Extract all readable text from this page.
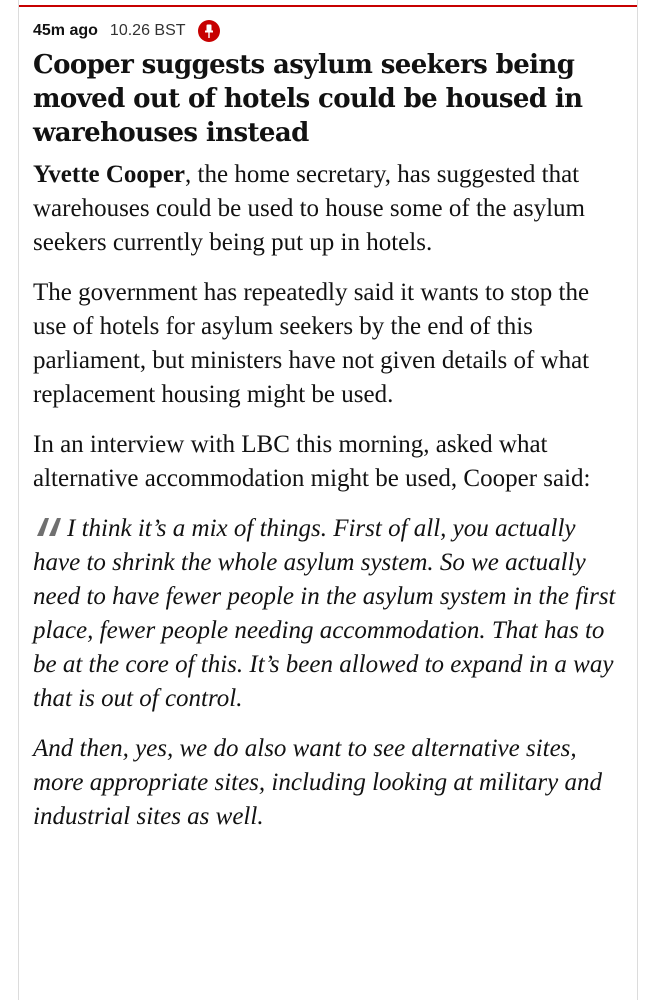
45m ago 10.26 BST
Cooper suggests asylum seekers being moved out of hotels could be housed in warehouses instead

Yvette Cooper, the home secretary, has suggested that warehouses could be used to house some of the asylum seekers currently being put up in hotels.

The government has repeatedly said it wants to stop the use of hotels for asylum seekers by the end of this parliament, but ministers have not given details of what replacement housing might be used.

In an interview with LBC this morning, asked what alternative accommodation might be used, Cooper said:

I think it’s a mix of things. First of all, you actually have to shrink the whole asylum system. So we actually need to have fewer people in the asylum system in the first place, fewer people needing accommodation. That has to be at the core of this. It’s been allowed to expand in a way that is out of control.

And then, yes, we do also want to see alternative sites, more appropriate sites, including looking at military and industrial sites as well.
